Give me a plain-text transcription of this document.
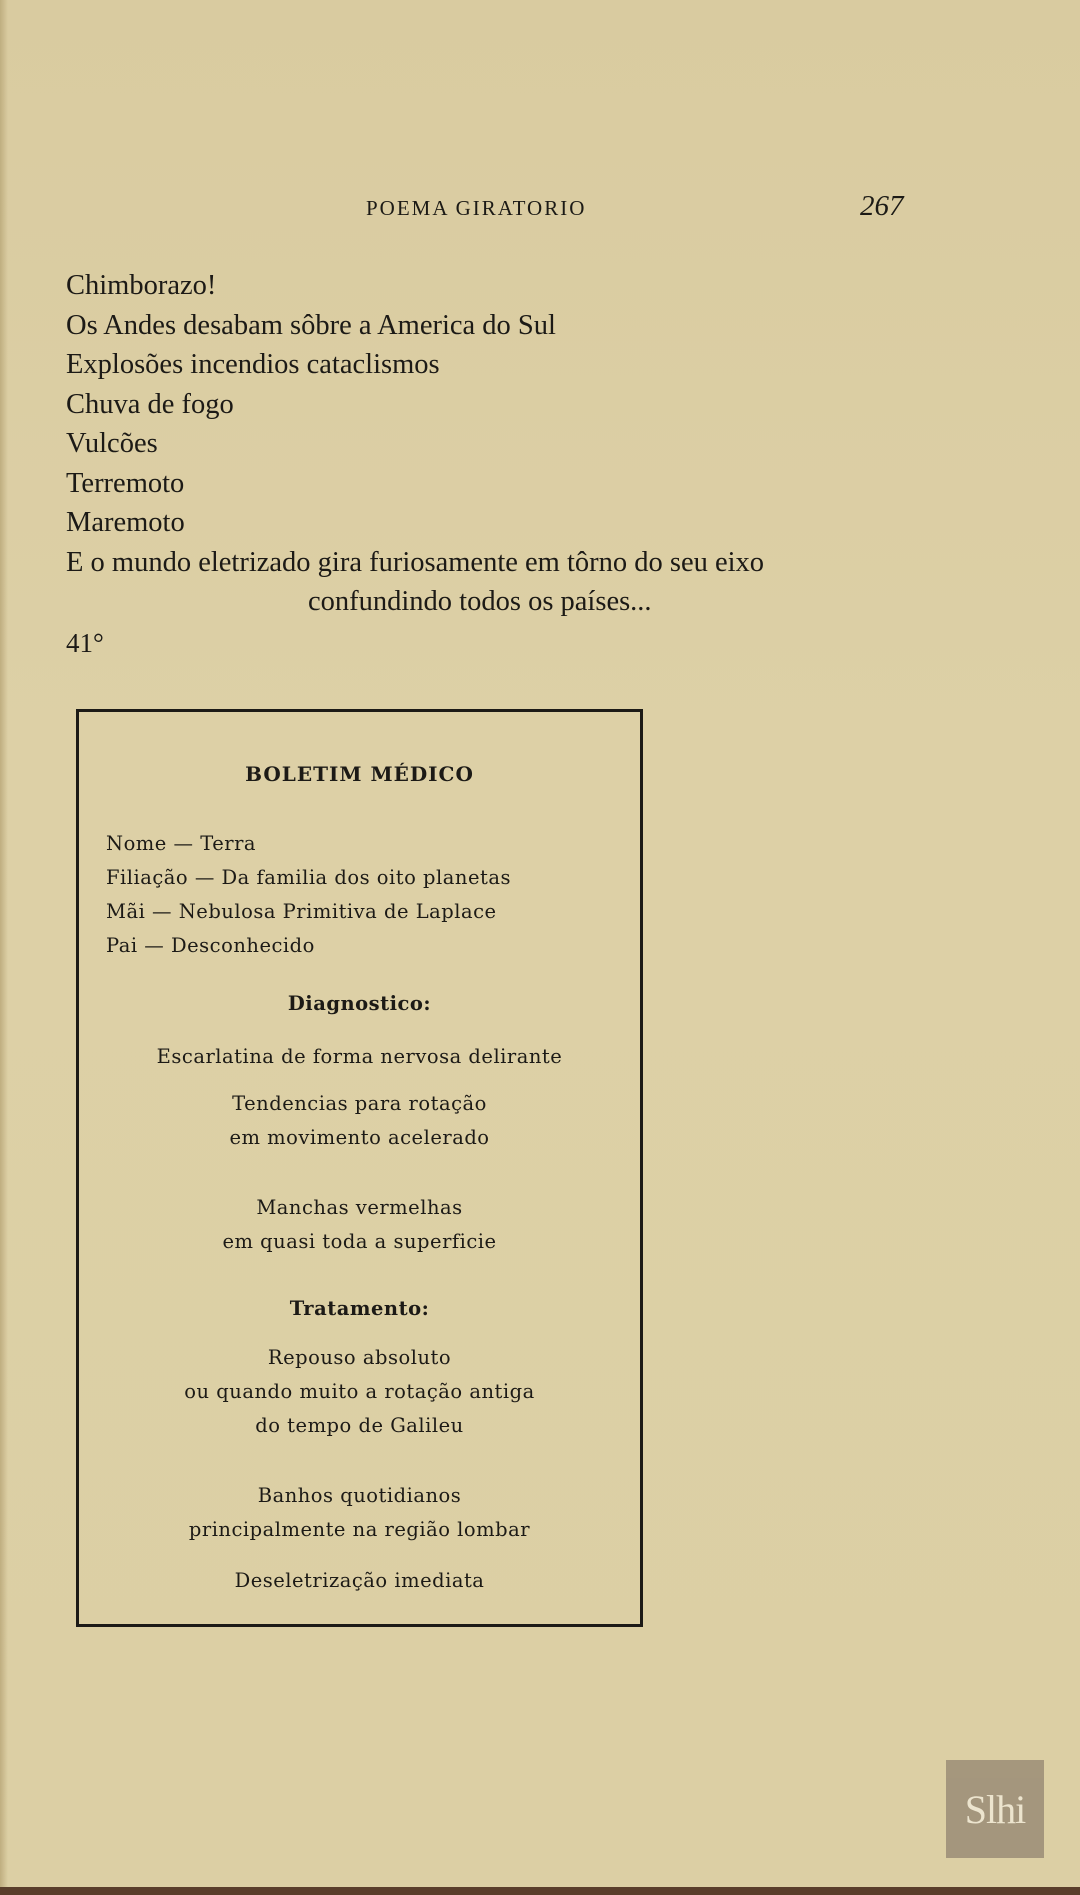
POEMA GIRATORIO	267
Chimborazo!
Os Andes desabam sôbre a America do Sul
Explosões incendios cataclismos
Chuva de fogo
Vulcões
Terremoto
Maremoto
E o mundo eletrizado gira furiosamente em tôrno do seu eixo
confundindo todos os países...
41°
BOLETIM MÉDICO
Nome — Terra
Filiação — Da familia dos oito planetas
Mãi — Nebulosa Primitiva de Laplace
Pai — Desconhecido
Diagnostico:
Escarlatina de forma nervosa delirante
Tendencias para rotação
em movimento acelerado
Manchas vermelhas
em quasi toda a superficie
Tratamento:
Repouso absoluto
ou quando muito a rotação antiga
do tempo de Galileu
Banhos quotidianos
principalmente na região lombar
Deseletrização imediata
Slhi
